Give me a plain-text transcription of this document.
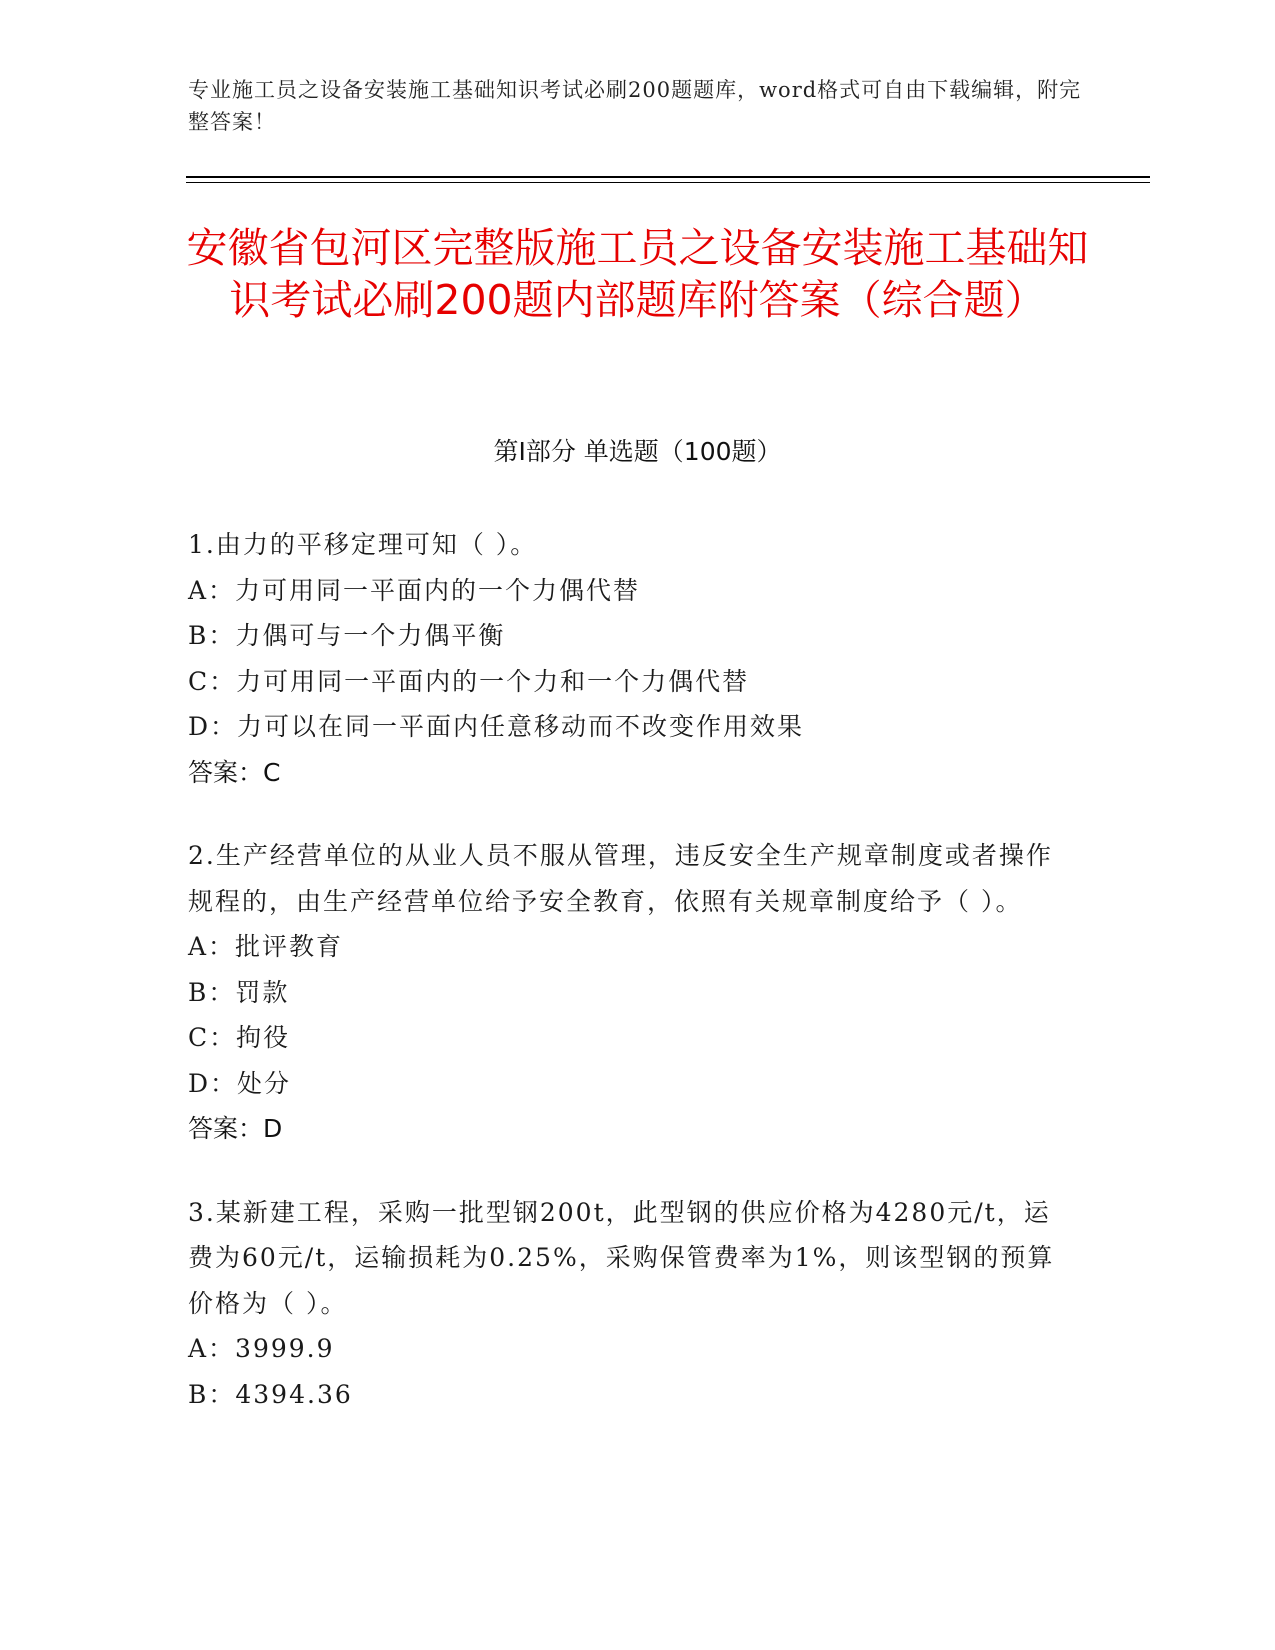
专业施工员之设备安装施工基础知识考试必刷200题题库，word格式可自由下载编辑，附完整答案！
安徽省包河区完整版施工员之设备安装施工基础知识考试必刷200题内部题库附答案（综合题）
第Ⅰ部分 单选题（100题）
1.由力的平移定理可知（ ）。
A：力可用同一平面内的一个力偶代替
B：力偶可与一个力偶平衡
C：力可用同一平面内的一个力和一个力偶代替
D：力可以在同一平面内任意移动而不改变作用效果
答案：C
2.生产经营单位的从业人员不服从管理，违反安全生产规章制度或者操作规程的，由生产经营单位给予安全教育，依照有关规章制度给予（ ）。
A：批评教育
B：罚款
C：拘役
D：处分
答案：D
3.某新建工程，采购一批型钢200t，此型钢的供应价格为4280元/t，运费为60元/t，运输损耗为0.25%，采购保管费率为1%，则该型钢的预算价格为（ ）。
A：3999.9
B：4394.36
